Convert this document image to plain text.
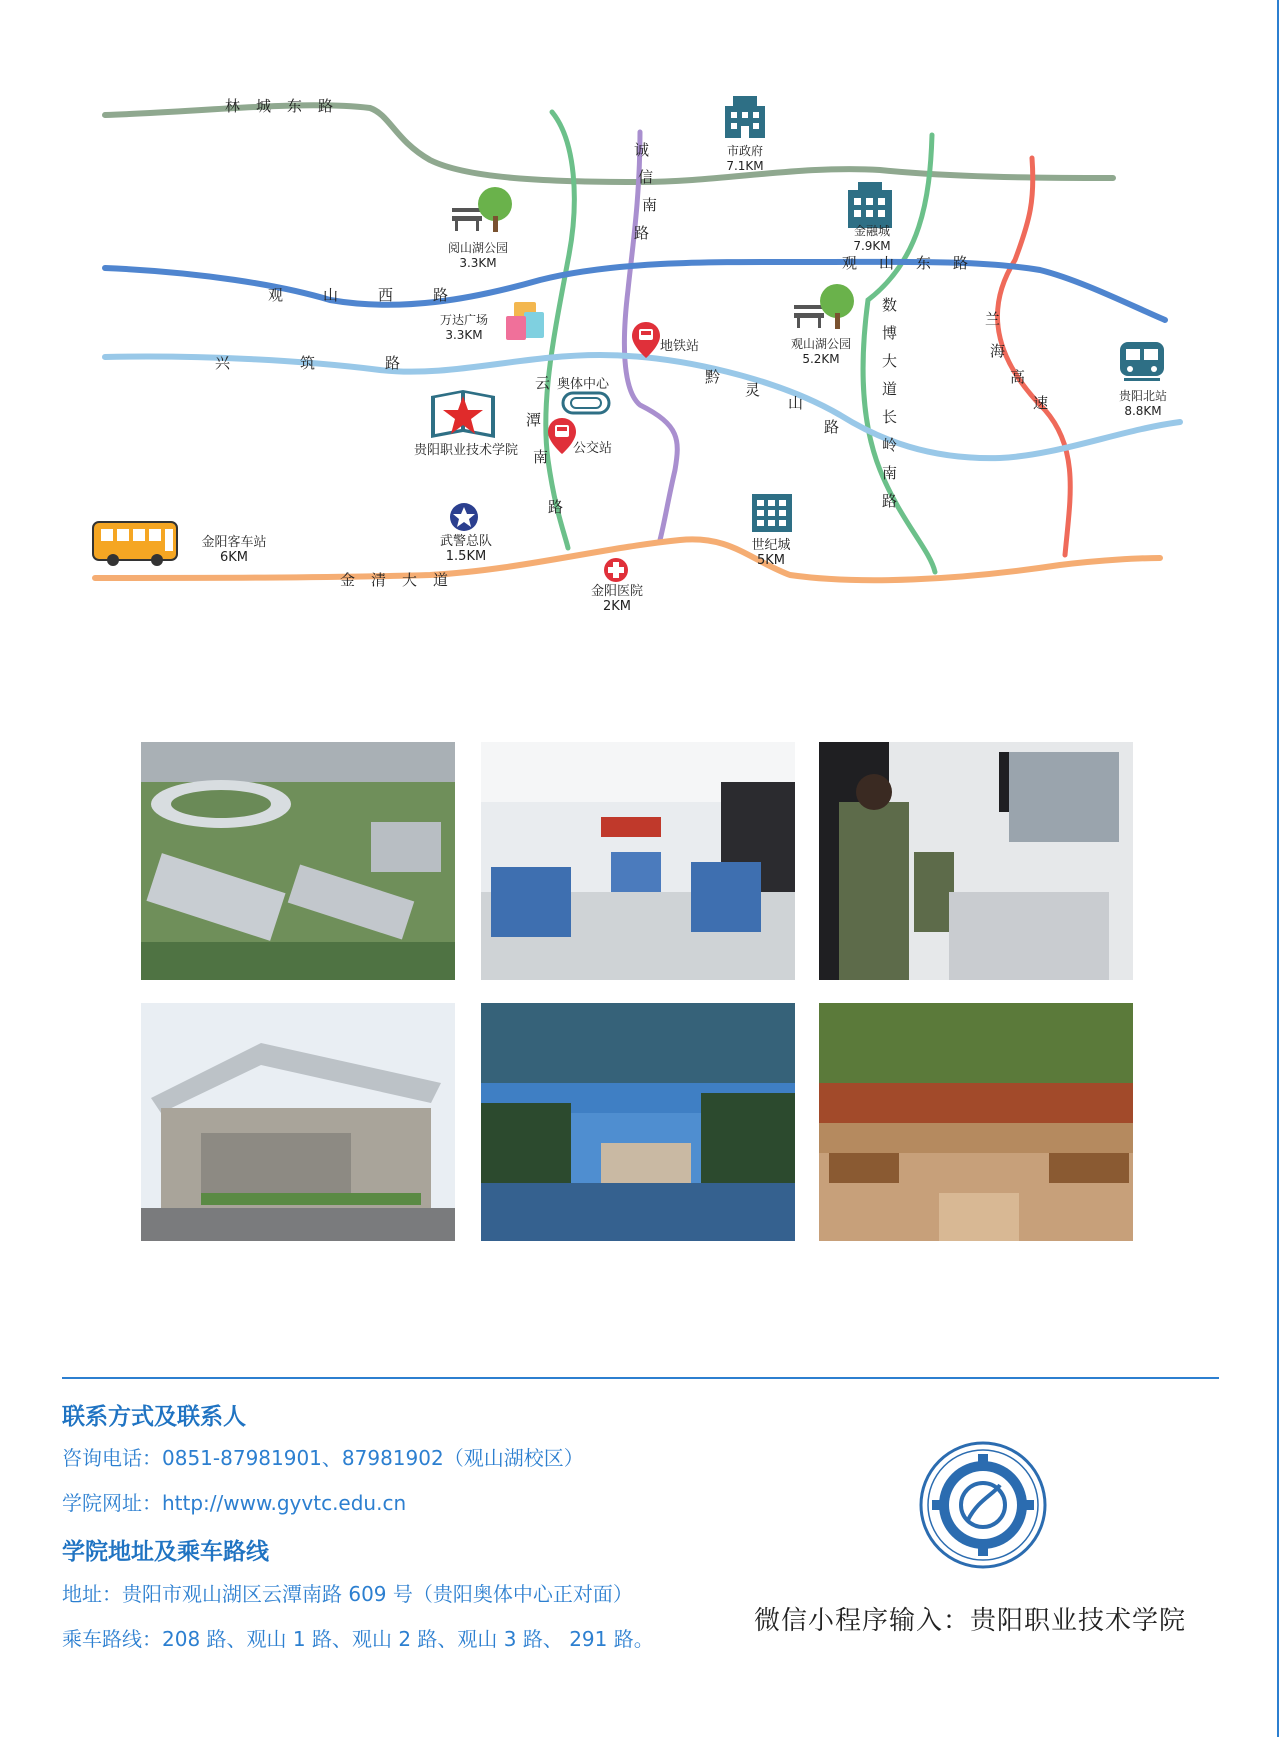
林城东路
观山西路
观山东路
兴筑路
金清大道
诚
信
南
路
黔
灵
山
路
数
博
大
道
长
岭
南
路
兰
海
高
速
云
潭
南
路
市政府
7.1KM
阅山湖公园
3.3KM
金融城
7.9KM
万达广场
3.3KM
地铁站	观山湖公园
5.2KM
奥体中心
贵阳北站
8.8KM
贵阳职业技术学院	公交站
金阳客车站
6KM
武警总队
1.5KM
世纪城
5KM
金阳医院
2KM
联系方式及联系人
咨询电话：0851-87981901、87981902（观山湖校区）
学院网址：http://www.gyvtc.edu.cn
学院地址及乘车路线
地址：贵阳市观山湖区云潭南路 609 号（贵阳奥体中心正对面）
乘车路线：208 路、观山 1 路、观山 2 路、观山 3 路、 291 路。
微信小程序输入：贵阳职业技术学院
